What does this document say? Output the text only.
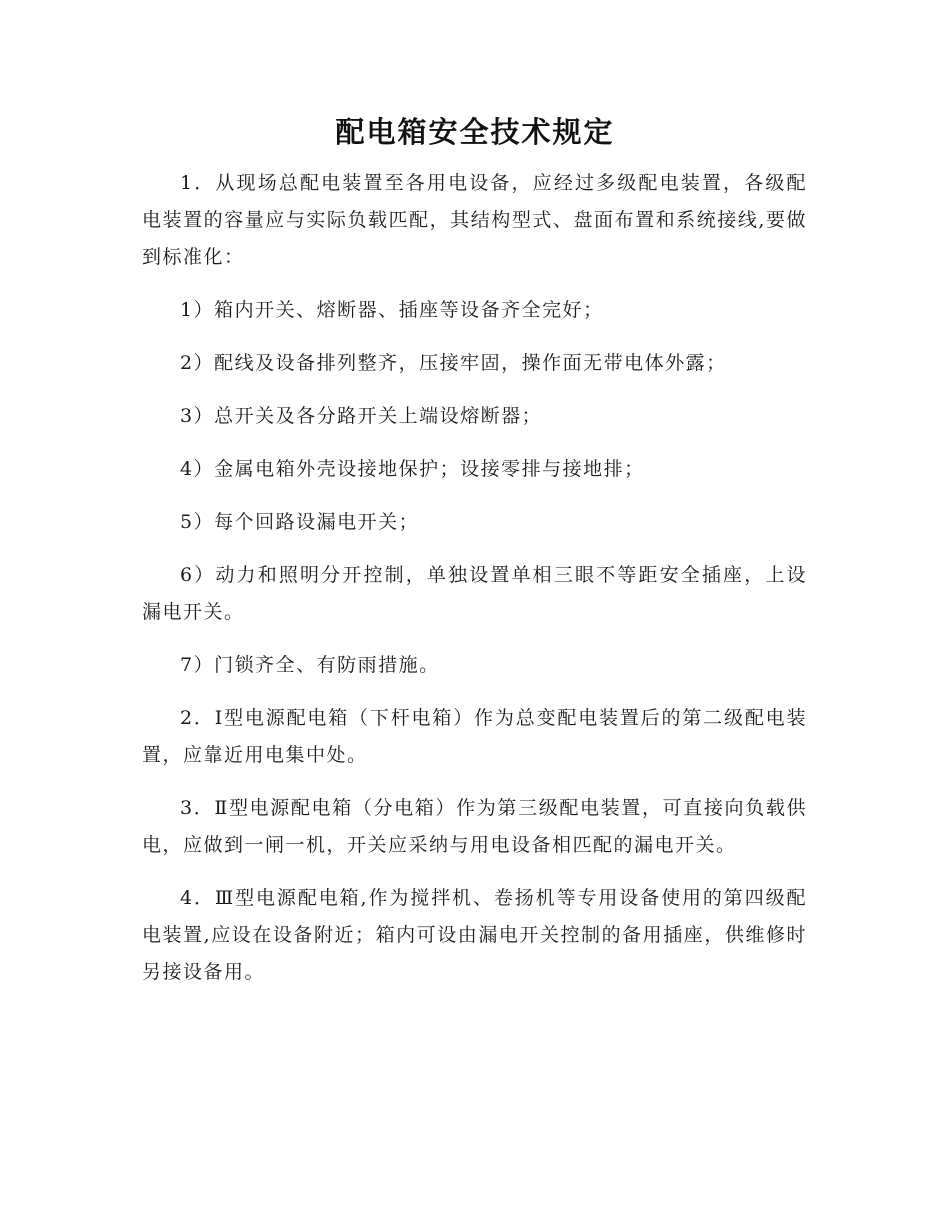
配电箱安全技术规定

1．从现场总配电装置至各用电设备，应经过多级配电装置，各级配电装置的容量应与实际负载匹配，其结构型式、盘面布置和系统接线,要做到标准化：

1）箱内开关、熔断器、插座等设备齐全完好；

2）配线及设备排列整齐，压接牢固，操作面无带电体外露；

3）总开关及各分路开关上端设熔断器；

4）金属电箱外壳设接地保护；设接零排与接地排；

5）每个回路设漏电开关；

6）动力和照明分开控制，单独设置单相三眼不等距安全插座，上设漏电开关。

7）门锁齐全、有防雨措施。

2．Ⅰ型电源配电箱（下杆电箱）作为总变配电装置后的第二级配电装置，应靠近用电集中处。

3．Ⅱ型电源配电箱（分电箱）作为第三级配电装置，可直接向负载供电，应做到一闸一机，开关应采纳与用电设备相匹配的漏电开关。

4．Ⅲ型电源配电箱,作为搅拌机、卷扬机等专用设备使用的第四级配电装置,应设在设备附近；箱内可设由漏电开关控制的备用插座，供维修时另接设备用。
